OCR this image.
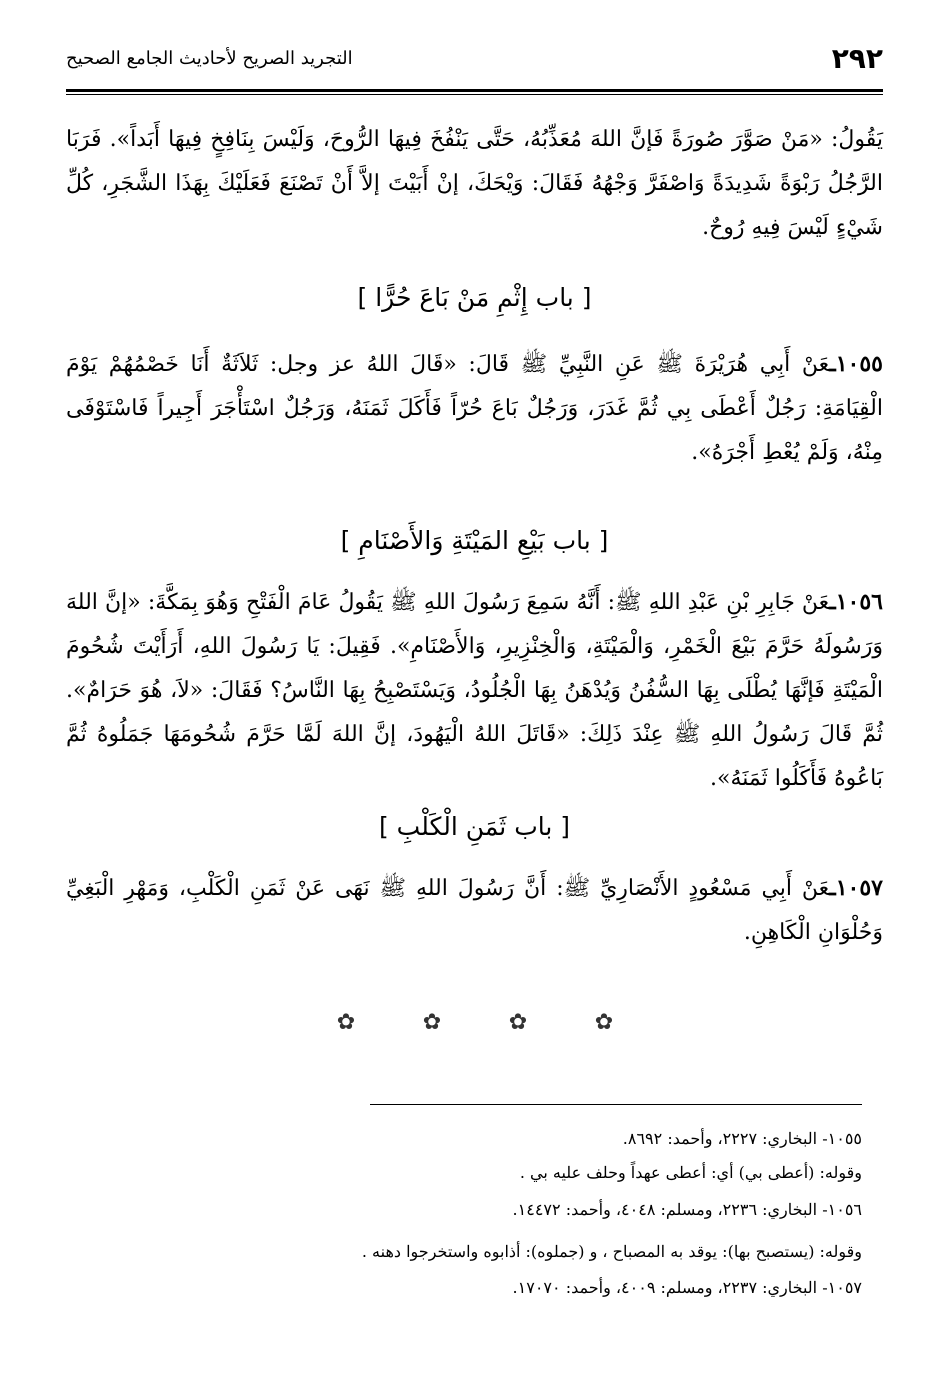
٢٩٢
التجريد الصريح لأحاديث الجامع الصحيح
يَقُولُ: «مَنْ صَوَّرَ صُورَةً فَإنَّ اللهَ مُعَذِّبُهُ، حَتَّى يَنْفُخَ فِيهَا الرُّوحَ، وَلَيْسَ بِنَافِخٍ فِيهَا أَبَداً». فَرَبَا الرَّجُلُ رَبْوَةً شَدِيدَةً وَاصْفَرَّ وَجْهُهُ فَقَالَ: وَيْحَكَ، إنْ أَبَيْتَ إلاَّ أَنْ تَصْنَعَ فَعَلَيْكَ بِهَذَا الشَّجَرِ، كُلِّ شَيْءٍ لَيْسَ فِيهِ رُوحٌ.
[ باب إِثْمِ مَنْ بَاعَ حُرًّا ]
١٠٥٥ـعَنْ أَبِي هُرَيْرَةَ ﷺ عَنِ النَّبِيِّ ﷺ قَالَ: «قَالَ اللهُ عز وجل: ثَلاَثَةٌ أَنَا خَصْمُهُمْ يَوْمَ الْقِيَامَةِ: رَجُلٌ أَعْطَى بِي ثُمَّ غَدَرَ، وَرَجُلٌ بَاعَ حُرّاً فَأَكَلَ ثَمَنَهُ، وَرَجُلٌ اسْتَأْجَرَ أَجِيراً فَاسْتَوْفَى مِنْهُ، وَلَمْ يُعْطِ أَجْرَهُ».
[ باب بَيْعِ المَيْتَةِ وَالأَصْنَامِ ]
١٠٥٦ـعَنْ جَابِرِ بْنِ عَبْدِ اللهِ ﷺ: أَنَّهُ سَمِعَ رَسُولَ اللهِ ﷺ يَقُولُ عَامَ الْفَتْحِ وَهُوَ بِمَكَّةَ: «إنَّ اللهَ وَرَسُولَهُ حَرَّمَ بَيْعَ الْخَمْرِ، وَالْمَيْتَةِ، وَالْخِنْزِيرِ، وَالأَصْنَامِ». فَقِيلَ: يَا رَسُولَ اللهِ، أَرَأَيْتَ شُحُومَ الْمَيْتَةِ فَإنَّهَا يُطْلَى بِهَا السُّفُنُ وَيُدْهَنُ بِهَا الْجُلُودُ، وَيَسْتَصْبِحُ بِهَا النَّاسُ؟ فَقَالَ: «لاَ، هُوَ حَرَامٌ». ثُمَّ قَالَ رَسُولُ اللهِ ﷺ عِنْدَ ذَلِكَ: «قَاتَلَ اللهُ الْيَهُودَ، إنَّ اللهَ لَمَّا حَرَّمَ شُحُومَهَا جَمَلُوهُ ثُمَّ بَاعُوهُ فَأَكَلُوا ثَمَنَهُ».
[ باب ثَمَنِ الْكَلْبِ ]
١٠٥٧ـعَنْ أَبِي مَسْعُودٍ الأَنْصَارِيِّ ﷺ: أَنَّ رَسُولَ اللهِ ﷺ نَهَى عَنْ ثَمَنِ الْكَلْبِ، وَمَهْرِ الْبَغِيِّ وَحُلْوَانِ الْكَاهِنِ.
✿	✿	✿	✿
١٠٥٥- البخاري: ٢٢٢٧، وأحمد: ٨٦٩٢.
وقوله: (أعطى بي) أي: أعطى عهداً وحلف عليه بي .
١٠٥٦- البخاري: ٢٢٣٦، ومسلم: ٤٠٤٨، وأحمد: ١٤٤٧٢.
وقوله: (يستصبح بها): يوقد به المصباح ، و (جملوه): أذابوه واستخرجوا دهنه .
١٠٥٧- البخاري: ٢٢٣٧، ومسلم: ٤٠٠٩، وأحمد: ١٧٠٧٠.
